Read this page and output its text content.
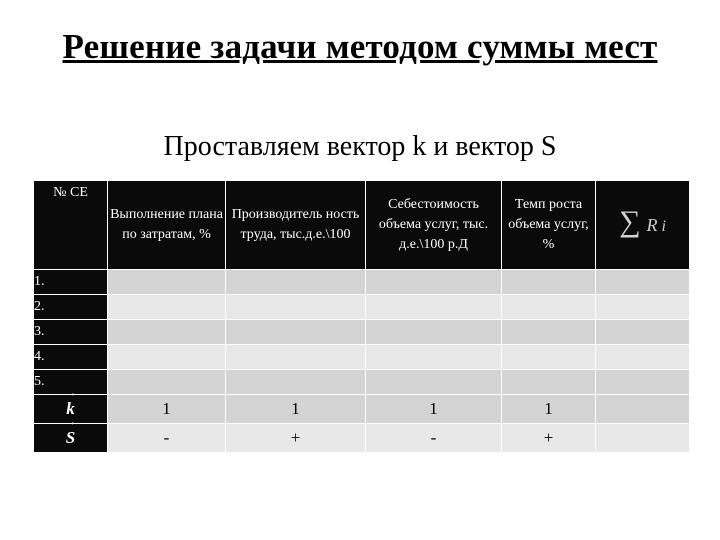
Решение задачи методом суммы мест
Проставляем вектор k и вектор S
№ СЕ	Выполнение плана по затратам, %	Производитель ность труда, тыс.д.е.\100	Себестоимость объема услуг, тыс. д.е.\100 р.Д	Темп роста объема услуг, %	∑ R i
1.					
2.					
3.					
4.					
5.					

→
k	1	1	1	1	

→
S	-	+	-	+	
